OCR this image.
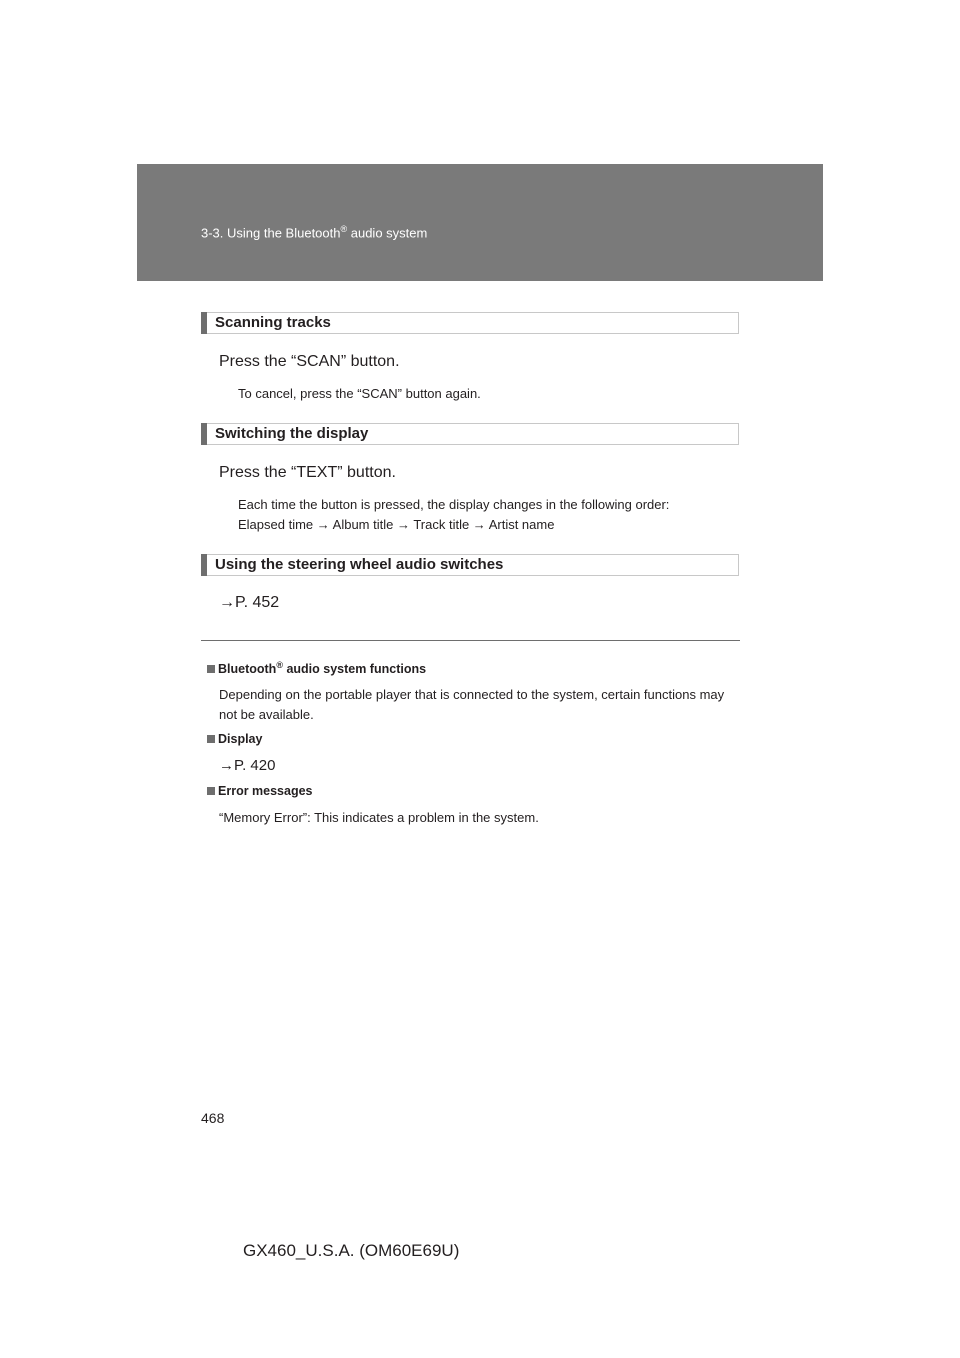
3-3. Using the Bluetooth® audio system
Scanning tracks
Press the “SCAN” button.
To cancel, press the “SCAN” button again.
Switching the display
Press the “TEXT” button.
Each time the button is pressed, the display changes in the following order:
Elapsed time → Album title → Track title → Artist name
Using the steering wheel audio switches
→P. 452
Bluetooth® audio system functions
Depending on the portable player that is connected to the system, certain functions may not be available.
Display
→P. 420
Error messages
“Memory Error”: This indicates a problem in the system.
468
GX460_U.S.A. (OM60E69U)
